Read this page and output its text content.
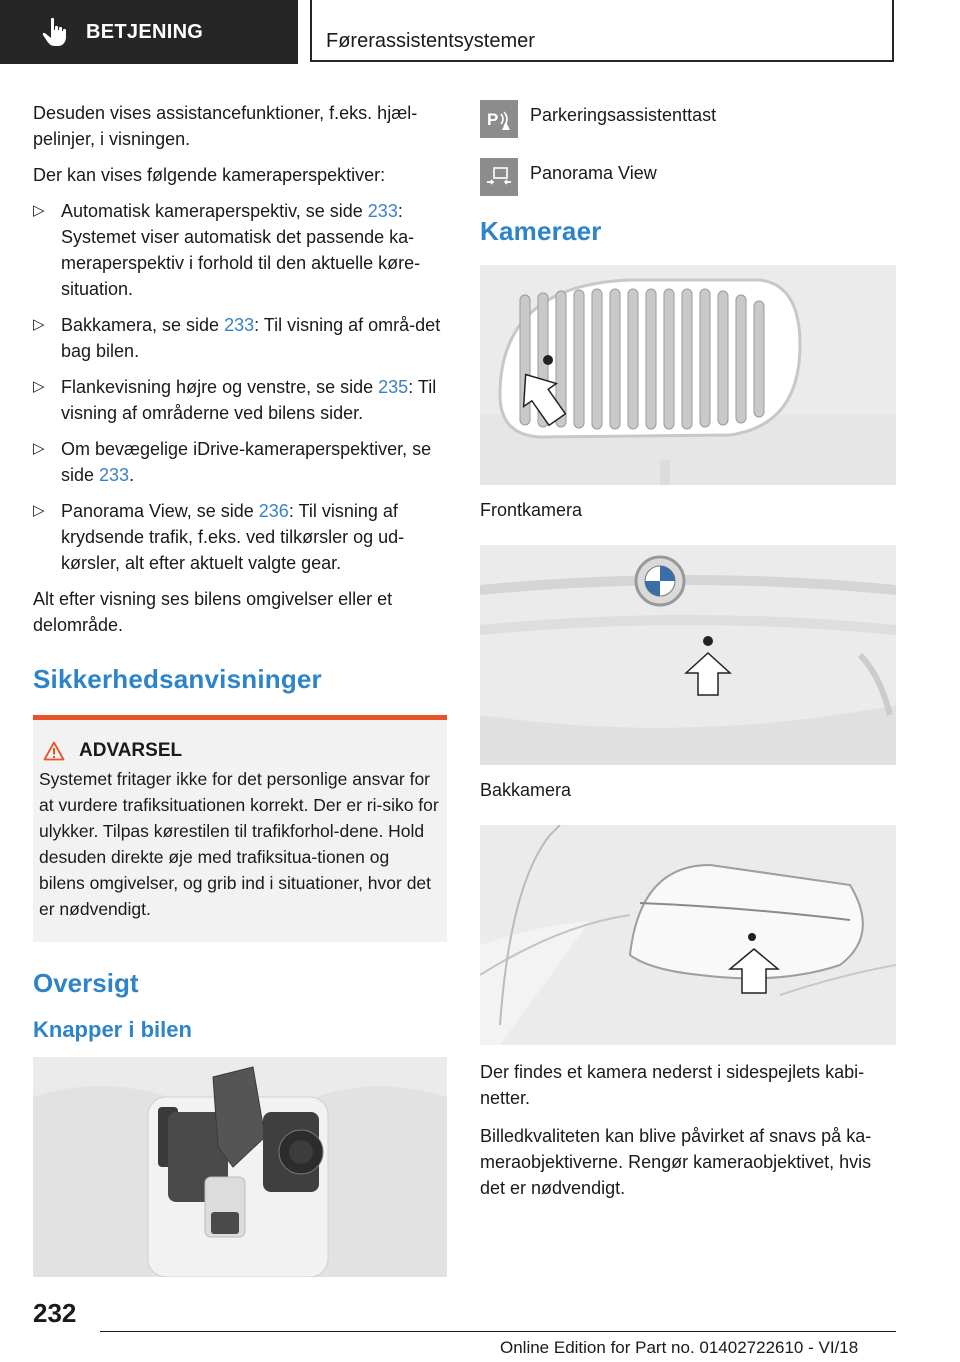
BETJENING	Førerassistentsystemer

Desuden vises assistancefunktioner, f.eks. hjæl-pelinjer, i visningen.

Der kan vises følgende kameraperspektiver:

▷ Automatisk kameraperspektiv, se side 233: Systemet viser automatisk det passende ka-meraperspektiv i forhold til den aktuelle køre-situation.
▷ Bakkamera, se side 233: Til visning af områ-det bag bilen.
▷ Flankevisning højre og venstre, se side 235: Til visning af områderne ved bilens sider.
▷ Om bevægelige iDrive-kameraperspektiver, se side 233.
▷ Panorama View, se side 236: Til visning af krydsende trafik, f.eks. ved tilkørsler og ud-kørsler, alt efter aktuelt valgte gear.

Alt efter visning ses bilens omgivelser eller et delområde.

Sikkerhedsanvisninger
ADVARSEL

Systemet fritager ikke for det personlige ansvar for at vurdere trafiksituationen korrekt. Der er ri-siko for ulykker. Tilpas kørestilen til trafikforhol-dene. Hold desuden direkte øje med trafiksitua-tionen og bilens omgivelser, og grib ind i situationer, hvor det er nødvendigt.

Oversigt
Knapper i bilen
P Parkeringsassistenttast
Panorama View
Kameraer

Frontkamera

Bakkamera

Der findes et kamera nederst i sidespejlets kabi-netter.

Billedkvaliteten kan blive påvirket af snavs på ka-meraobjektiverne. Rengør kameraobjektivet, hvis det er nødvendigt.

232
Online Edition for Part no. 01402722610 - VI/18
